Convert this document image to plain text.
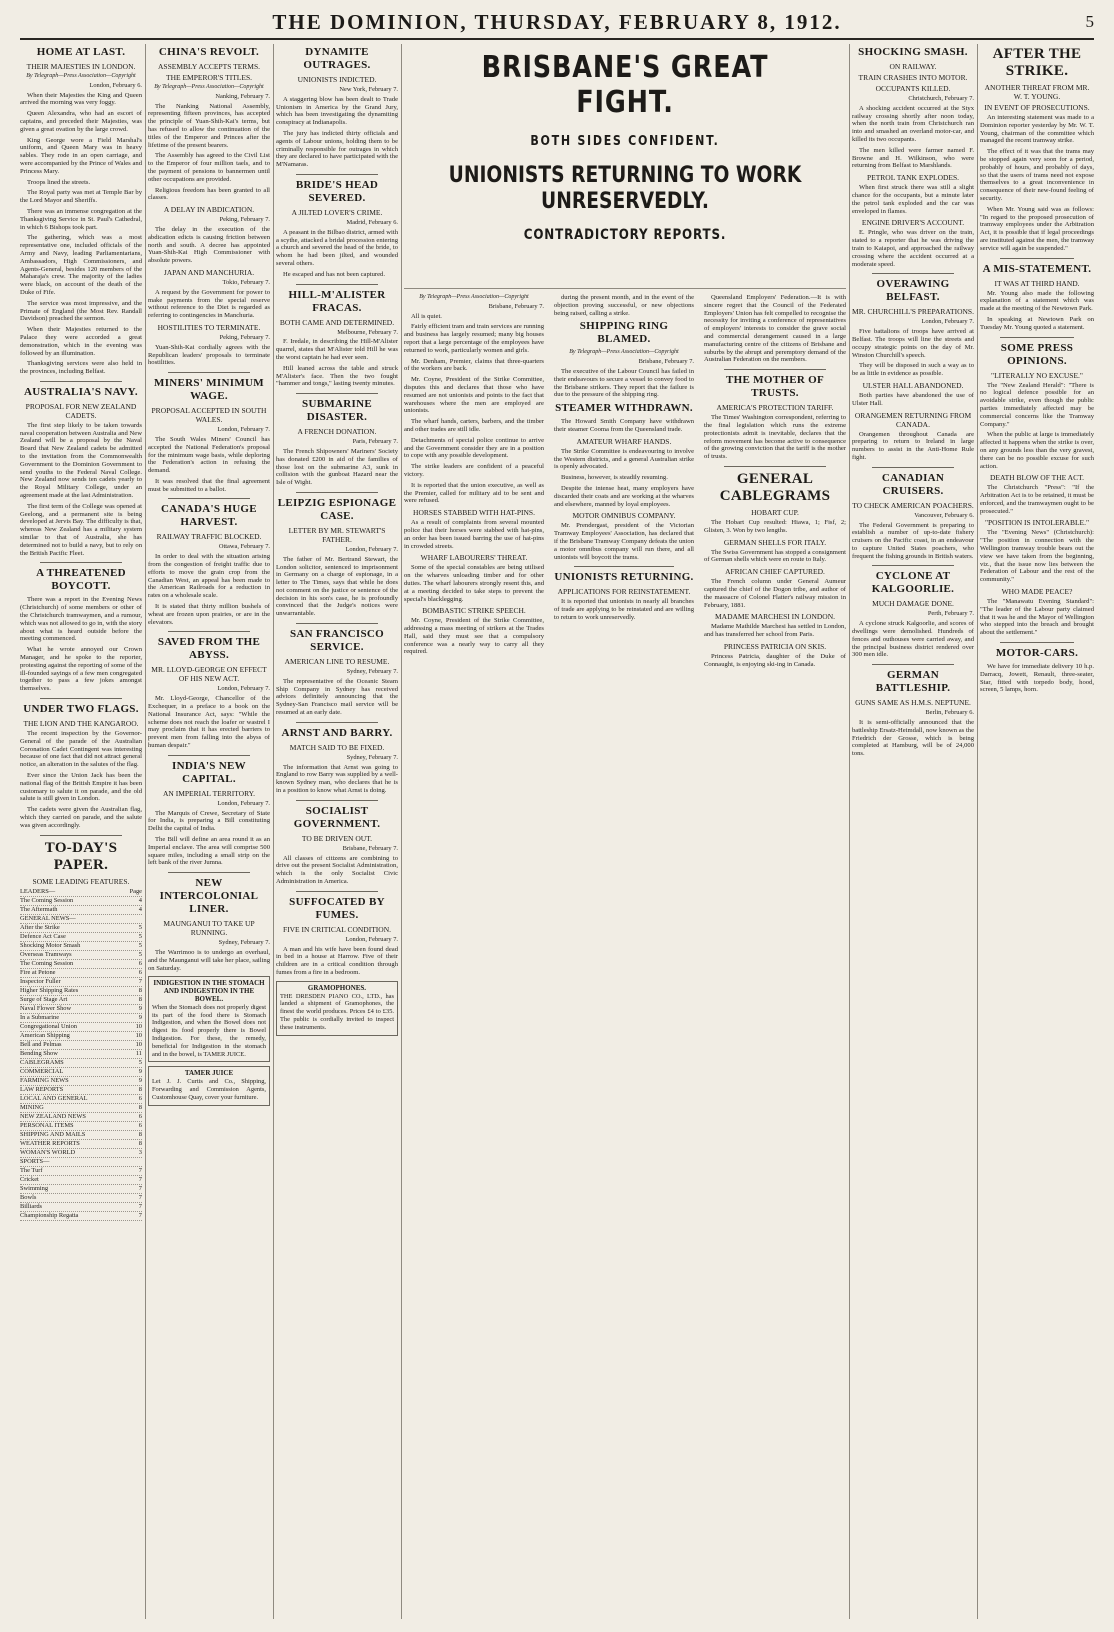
THE DOMINION, THURSDAY, FEBRUARY 8, 1912.	5
HOME AT LAST.
THEIR MAJESTIES IN LONDON.
By Telegraph—Press Association—Copyright
London, February 6.

When their Majesties the King and Queen arrived the morning was very foggy.

Queen Alexandra, who had an escort of captains, and preceded their Majesties, was given a great ovation by the large crowd.

King George wore a Field Marshal's uniform, and Queen Mary was in heavy sables. They rode in an open carriage, and were accompanied by the Prince of Wales and Princess Mary.

Troops lined the streets.

The Royal party was met at Temple Bar by the Lord Mayor and Sheriffs.

There was an immense congregation at the Thanksgiving Service in St. Paul's Cathedral, in which 6 Bishops took part.

The gathering, which was a most representative one, included officials of the Army and Navy, leading Parliamentarians, Ambassadors, High Commissioners, and Agents-General, besides 120 members of the Maharaja's crew. The majority of the ladies were black, on account of the death of the Duke of Fife.

The service was most impressive, and the Primate of England (the Most Rev. Randall Davidson) preached the sermon.

When their Majesties returned to the Palace they were accorded a great demonstration, which in the evening was followed by an illumination.

Thanksgiving services were also held in the provinces, including Belfast.

AUSTRALIA'S NAVY.
PROPOSAL FOR NEW ZEALAND CADETS.

The first step likely to be taken towards naval cooperation between Australia and New Zealand will be a proposal by the Naval Board that New Zealand cadets be admitted to the invitation from the Commonwealth Government to the Dominion Government to send youths to the Federal Naval College. New Zealand now sends ten cadets yearly to the Royal Military College, under an agreement made at the last Administration.

The first term of the College was opened at Geelong, and a permanent site is being developed at Jervis Bay. The difficulty is that, whereas New Zealand has a military system similar to that of Australia, she has determined not to build a navy, but to rely on the British Pacific Fleet.

A THREATENED BOYCOTT.

There was a report in the Evening News (Christchurch) of some members or other of the Christchurch tramwaymen, and a rumour, which was not allowed to go in, with the story about what is heard outside before the meeting commenced.

What he wrote annoyed our Crown Manager, and he spoke to the reporter, protesting against the reporting of some of the ill-founded sayings of a few men congregated together to pass a few jokes amongst themselves.

UNDER TWO FLAGS.
THE LION AND THE KANGAROO.

The recent inspection by the Governor-General of the parade of the Australian Coronation Cadet Contingent was interesting because of one fact that did not attract general notice, an alteration in the salutes of the flag.

Ever since the Union Jack has been the national flag of the British Empire it has been customary to salute it on parade, and the old salute is still given in London.

The cadets were given the Australian flag, which they carried on parade, and the salute was given accordingly.

TO-DAY'S PAPER.
SOME LEADING FEATURES.
LEADERS—	Page
The Coming Session	4
The Aftermath	4
GENERAL NEWS—
After the Strike	5
Defence Act Case	5
Shocking Motor Smash	5
Overseas Tramways	5
The Coming Session	6
Fire at Petone	6
Inspector Fuller	7
Higher Shipping Rates	8
Surge of Stage Art	8
Naval Flower Show	9
In a Submarine	9
Congregational Union	10
American Shipping	10
Bell and Pelmas	10
Bending Show	11
CABLEGRAMS	5
COMMERCIAL	9
FARMING NEWS	9
LAW REPORTS	8
LOCAL AND GENERAL	6
MINING	8
NEW ZEALAND NEWS	6
PERSONAL ITEMS	6
SHIPPING AND MAILS	8
WEATHER REPORTS	8
WOMAN'S WORLD	3
SPORTS—
The Turf	7
Cricket	7
Swimming	7
Bowls	7
Billiards	7
Championship Regatta	7
CHINA'S REVOLT.
ASSEMBLY ACCEPTS TERMS.
THE EMPEROR'S TITLES.
By Telegraph—Press Association—Copyright
Nanking, February 7.

The Nanking National Assembly, representing fifteen provinces, has accepted the principle of Yuan-Shih-Kai's terms, but has refused to allow the continuation of the titles of the Emperor and Princes after the lifetime of the present bearers.

The Assembly has agreed to the Civil List to the Emperor of four million taels, and to the payment of pensions to bannermen until other occupations are provided.

Religious freedom has been granted to all classes.

A DELAY IN ABDICATION.
Peking, February 7.

The delay in the execution of the abdication edicts is causing friction between north and south. A decree has appointed Yuan-Shih-Kai High Commissioner with absolute powers.

JAPAN AND MANCHURIA.
Tokio, February 7.

A request by the Government for power to make payments from the special reserve without reference to the Diet is regarded as referring to contingencies in Manchuria.

HOSTILITIES TO TERMINATE.
Peking, February 7.

Yuan-Shih-Kai cordially agrees with the Republican leaders' proposals to terminate hostilities.

MINERS' MINIMUM WAGE.
PROPOSAL ACCEPTED IN SOUTH WALES.
London, February 7.

The South Wales Miners' Council has accepted the National Federation's proposal for the minimum wage basis, while deploring the Federation's action in refusing the demand.

It was resolved that the final agreement must be submitted to a ballot.

CANADA'S HUGE HARVEST.
RAILWAY TRAFFIC BLOCKED.
Ottawa, February 7.

In order to deal with the situation arising from the congestion of freight traffic due to efforts to move the grain crop from the Canadian West, an appeal has been made to the American Railroads for a reduction in rates on a wholesale scale.

It is stated that thirty million bushels of wheat are frozen upon prairies, or are in the elevators.

SAVED FROM THE ABYSS.
MR. LLOYD-GEORGE ON EFFECT OF HIS NEW ACT.
London, February 7.

Mr. Lloyd-George, Chancellor of the Exchequer, in a preface to a book on the National Insurance Act, says: "While the scheme does not reach the loafer or wastrel I may proclaim that it has erected barriers to prevent men from falling into the abyss of human despair."

INDIA'S NEW CAPITAL.
AN IMPERIAL TERRITORY.
London, February 7.

The Marquis of Crewe, Secretary of State for India, is preparing a Bill constituting Delhi the capital of India.

The Bill will define an area round it as an Imperial enclave. The area will comprise 500 square miles, including a small strip on the left bank of the river Jumna.

NEW INTERCOLONIAL LINER.
MAUNGANUI TO TAKE UP RUNNING.
Sydney, February 7.

The Warrimoo is to undergo an overhaul, and the Maunganui will take her place, sailing on Saturday.

INDIGESTION IN THE STOMACH AND INDIGESTION IN THE BOWEL.
When the Stomach does not properly digest its part of the food there is Stomach Indigestion, and when the Bowel does not digest its food properly there is Bowel Indigestion. For these, the remedy, beneficial for Indigestion in the stomach and in the bowel, is TAMER JUICE.
TAMER JUICE
Let J. J. Curtis and Co., Shipping, Forwarding and Commission Agents, Customhouse Quay, cover your furniture.
DYNAMITE OUTRAGES.
UNIONISTS INDICTED.
New York, February 7.

A staggering blow has been dealt to Trade Unionism in America by the Grand Jury, which has been investigating the dynamiting conspiracy at Indianapolis.

The jury has indicted thirty officials and agents of Labour unions, holding them to be criminally responsible for outrages in which they are declared to have participated with the M'Namaras.

BRIDE'S HEAD SEVERED.
A JILTED LOVER'S CRIME.
Madrid, February 6.

A peasant in the Bilbao district, armed with a scythe, attacked a bridal procession entering a church and severed the head of the bride, to whom he had been jilted, and wounded several others.

He escaped and has not been captured.

HILL-M'ALISTER FRACAS.
BOTH CAME AND DETERMINED.
Melbourne, February 7.

F. Iredale, in describing the Hill-M'Alister quarrel, states that M'Alister told Hill he was the worst captain he had ever seen.

Hill leaned across the table and struck M'Alister's face. Then the two fought "hammer and tongs," lasting twenty minutes.

SUBMARINE DISASTER.
A FRENCH DONATION.
Paris, February 7.

The French Shipowners' Mariners' Society has donated £200 in aid of the families of those lost on the submarine A3, sunk in collision with the gunboat Hazard near the Isle of Wight.

LEIPZIG ESPIONAGE CASE.
LETTER BY MR. STEWART'S FATHER.
London, February 7.

The father of Mr. Bertrand Stewart, the London solicitor, sentenced to imprisonment in Germany on a charge of espionage, in a letter to The Times, says that while he does not comment on the justice or sentence of the decision in his son's case, he is profoundly convinced that the Judge's notices were unwarrantable.

SAN FRANCISCO SERVICE.
AMERICAN LINE TO RESUME.
Sydney, February 7.

The representative of the Oceanic Steam Ship Company in Sydney has received advices definitely announcing that the Sydney-San Francisco mail service will be resumed at an early date.

ARNST AND BARRY.
MATCH SAID TO BE FIXED.
Sydney, February 7.

The information that Arnst was going to England to row Barry was supplied by a well-known Sydney man, who declares that he is in a position to know what Arnst is doing.

SOCIALIST GOVERNMENT.
TO BE DRIVEN OUT.
Brisbane, February 7.

All classes of citizens are combining to drive out the present Socialist Administration, which is the only Socialist Civic Administration in America.

SUFFOCATED BY FUMES.
FIVE IN CRITICAL CONDITION.
London, February 7.

A man and his wife have been found dead in bed in a house at Harrow. Five of their children are in a critical condition through fumes from a fire in a bedroom.

GRAMOPHONES.
THE DRESDEN PIANO CO., LTD., has landed a shipment of Gramophones, the finest the world produces. Prices £4 to £35. The public is cordially invited to inspect these instruments.
BRISBANE'S GREAT FIGHT.
BOTH SIDES CONFIDENT.
UNIONISTS RETURNING TO WORK UNRESERVEDLY.
CONTRADICTORY REPORTS.
By Telegraph—Press Association—Copyright
Brisbane, February 7.

All is quiet.

Fairly efficient tram and train services are running and business has largely resumed; many big houses report that a large percentage of the employees have returned to work, particularly women and girls.

Mr. Denham, Premier, claims that three-quarters of the workers are back.

Mr. Coyne, President of the Strike Committee, disputes this and declares that those who have resumed are not unionists and points to the fact that warehouses where the men are employed are unionists.

The wharf hands, carters, barbers, and the timber and other trades are still idle.

Detachments of special police continue to arrive and the Government consider they are in a position to cope with any possible development.

The strike leaders are confident of a peaceful victory.

It is reported that the union executive, as well as the Premier, called for military aid to be sent and were refused.

HORSES STABBED WITH HAT-PINS.

As a result of complaints from several mounted police that their horses were stabbed with hat-pins, an order has been issued barring the use of hat-pins in crowded streets.

WHARF LABOURERS' THREAT.

Some of the special constables are being utilised on the wharves unloading timber and for other duties. The wharf labourers strongly resent this, and at a meeting decided to take steps to prevent the special's blacklegging.

BOMBASTIC STRIKE SPEECH.

Mr. Coyne, President of the Strike Committee, addressing a mass meeting of strikers at the Trades Hall, said they must see that a compulsory conference was a nearly way to carry all they required.

during the present month, and in the event of the objection proving successful, or new objections being raised, calling a strike.

SHIPPING RING BLAMED.
By Telegraph—Press Association—Copyright
Brisbane, February 7.

The executive of the Labour Council has failed in their endeavours to secure a vessel to convey food to the Brisbane strikers. They report that the failure is due to the pressure of the shipping ring.

STEAMER WITHDRAWN.

The Howard Smith Company have withdrawn their steamer Cooma from the Queensland trade.

AMATEUR WHARF HANDS.

The Strike Committee is endeavouring to involve the Western districts, and a general Australian strike is openly advocated.

Business, however, is steadily resuming.

Despite the intense heat, many employers have discarded their coats and are working at the wharves and elsewhere, manned by loyal employees.

MOTOR OMNIBUS COMPANY.

Mr. Prendergast, president of the Victorian Tramway Employees' Association, has declared that if the Brisbane Tramway Company defeats the union a motor omnibus company will run there, and all unionists will boycott the trams.

UNIONISTS RETURNING.
APPLICATIONS FOR REINSTATEMENT.

It is reported that unionists in nearly all branches of trade are applying to be reinstated and are willing to return to work unreservedly.

Queensland Employers' Federation.—It is with sincere regret that the Council of the Federated Employers' Union has felt compelled to recognise the necessity for inviting a conference of representatives of employers' interests to consider the grave social and commercial derangement caused in a large manufacturing centre of the citizens of Brisbane and suburbs by the abrupt and peremptory demand of the Australian Federation on the members.

THE MOTHER OF TRUSTS.
AMERICA'S PROTECTION TARIFF.

The Times' Washington correspondent, referring to the final legislation which runs the extreme protectionists admit is inevitable, declares that the reform movement has become active to consequence of the growing conviction that the tariff is the mother of trusts.

GENERAL CABLEGRAMS
HOBART CUP.

The Hobart Cup resulted: Hiawa, 1; Fisf, 2; Glisten, 3. Won by two lengths.

GERMAN SHELLS FOR ITALY.

The Swiss Government has stopped a consignment of German shells which were en route to Italy.

AFRICAN CHIEF CAPTURED.

The French column under General Aumeur captured the chief of the Dogon tribe, and author of the massacre of Colonel Flatter's railway mission in February, 1881.

MADAME MARCHESI IN LONDON.

Madame Mathilde Marchesi has settled in London, and has transferred her school from Paris.

PRINCESS PATRICIA ON SKIS.

Princess Patricia, daughter of the Duke of Connaught, is enjoying ski-ing in Canada.

SHOCKING SMASH.
ON RAILWAY.
TRAIN CRASHES INTO MOTOR.
OCCUPANTS KILLED.
Christchurch, February 7.

A shocking accident occurred at the Styx railway crossing shortly after noon today, when the north train from Christchurch ran into and smashed an overland motor-car, and killed its two occupants.

The men killed were farmer named F. Browne and H. Wilkinson, who were returning from Belfast to Marshlands.

PETROL TANK EXPLODES.

When first struck there was still a slight chance for the occupants, but a minute later the petrol tank exploded and the car was enveloped in flames.

ENGINE DRIVER'S ACCOUNT.

E. Pringle, who was driver on the train, stated to a reporter that he was driving the train to Kaiapoi, and approached the railway crossing where the accident occurred at a moderate speed.

OVERAWING BELFAST.
MR. CHURCHILL'S PREPARATIONS.
London, February 7.

Five battalions of troops have arrived at Belfast. The troops will line the streets and occupy strategic points on the day of Mr. Winston Churchill's speech.

They will be disposed in such a way as to be as little in evidence as possible.

ULSTER HALL ABANDONED.

Both parties have abandoned the use of Ulster Hall.

ORANGEMEN RETURNING FROM CANADA.

Orangemen throughout Canada are preparing to return to Ireland in large numbers to assist in the Anti-Home Rule fight.

CANADIAN CRUISERS.
TO CHECK AMERICAN POACHERS.
Vancouver, February 6.

The Federal Government is preparing to establish a number of up-to-date fishery cruisers on the Pacific coast, in an endeavour to capture United States poachers, who frequent the fishing grounds in British waters.

CYCLONE AT KALGOORLIE.
MUCH DAMAGE DONE.
Perth, February 7.

A cyclone struck Kalgoorlie, and scores of dwellings were demolished. Hundreds of fences and outhouses were carried away, and the principal business district rendered over 300 men idle.

GERMAN BATTLESHIP.
GUNS SAME AS H.M.S. NEPTUNE.
Berlin, February 6.

It is semi-officially announced that the battleship Ersatz-Heimdall, now known as the Friedrich der Grosse, which is being completed at Hamburg, will be of 24,000 tons.

AFTER THE STRIKE.
ANOTHER THREAT FROM MR. W. T. YOUNG.
IN EVENT OF PROSECUTIONS.

An interesting statement was made to a Dominion reporter yesterday by Mr. W. T. Young, chairman of the committee which managed the recent tramway strike.

The effect of it was that the trams may be stopped again very soon for a period, probably of hours, and probably of days, so that the users of trams need not expose themselves to a great inconvenience in consequence of their new-found feeling of security.

When Mr. Young said was as follows: "In regard to the proposed prosecution of tramway employees under the Arbitration Act, it is possible that if legal proceedings are instituted against the men, the tramway service will again be suspended."

A MIS-STATEMENT.
IT WAS AT THIRD HAND.

Mr. Young also made the following explanation of a statement which was made at the meeting of the Newtown Park.

In speaking at Newtown Park on Tuesday Mr. Young quoted a statement.

SOME PRESS OPINIONS.
"LITERALLY NO EXCUSE."

The "New Zealand Herald": "There is no logical defence possible for an avoidable strike, even though the public parties immediately affected may be commercial concerns like the Tramway Company."

When the public at large is immediately affected it happens when the strike is over, on any grounds less than the very gravest, there can be no possible excuse for such action.

DEATH BLOW OF THE ACT.

The Christchurch "Press": "If the Arbitration Act is to be retained, it must be enforced, and the tramwaymen ought to be prosecuted."

"POSITION IS INTOLERABLE."

The "Evening News" (Christchurch): "The position in connection with the Wellington tramway trouble bears out the view we have taken from the beginning, viz., that the issue now lies between the Federation of Labour and the rest of the community."

WHO MADE PEACE?

The "Manawatu Evening Standard": "The leader of the Labour party claimed that it was he and the Mayor of Wellington who stepped into the breach and brought about the settlement."

MOTOR-CARS.

We have for immediate delivery 10 h.p. Darracq, Jowett, Renault, three-seater, Star, fitted with torpedo body, hood, screen, 5 lamps, horn.
